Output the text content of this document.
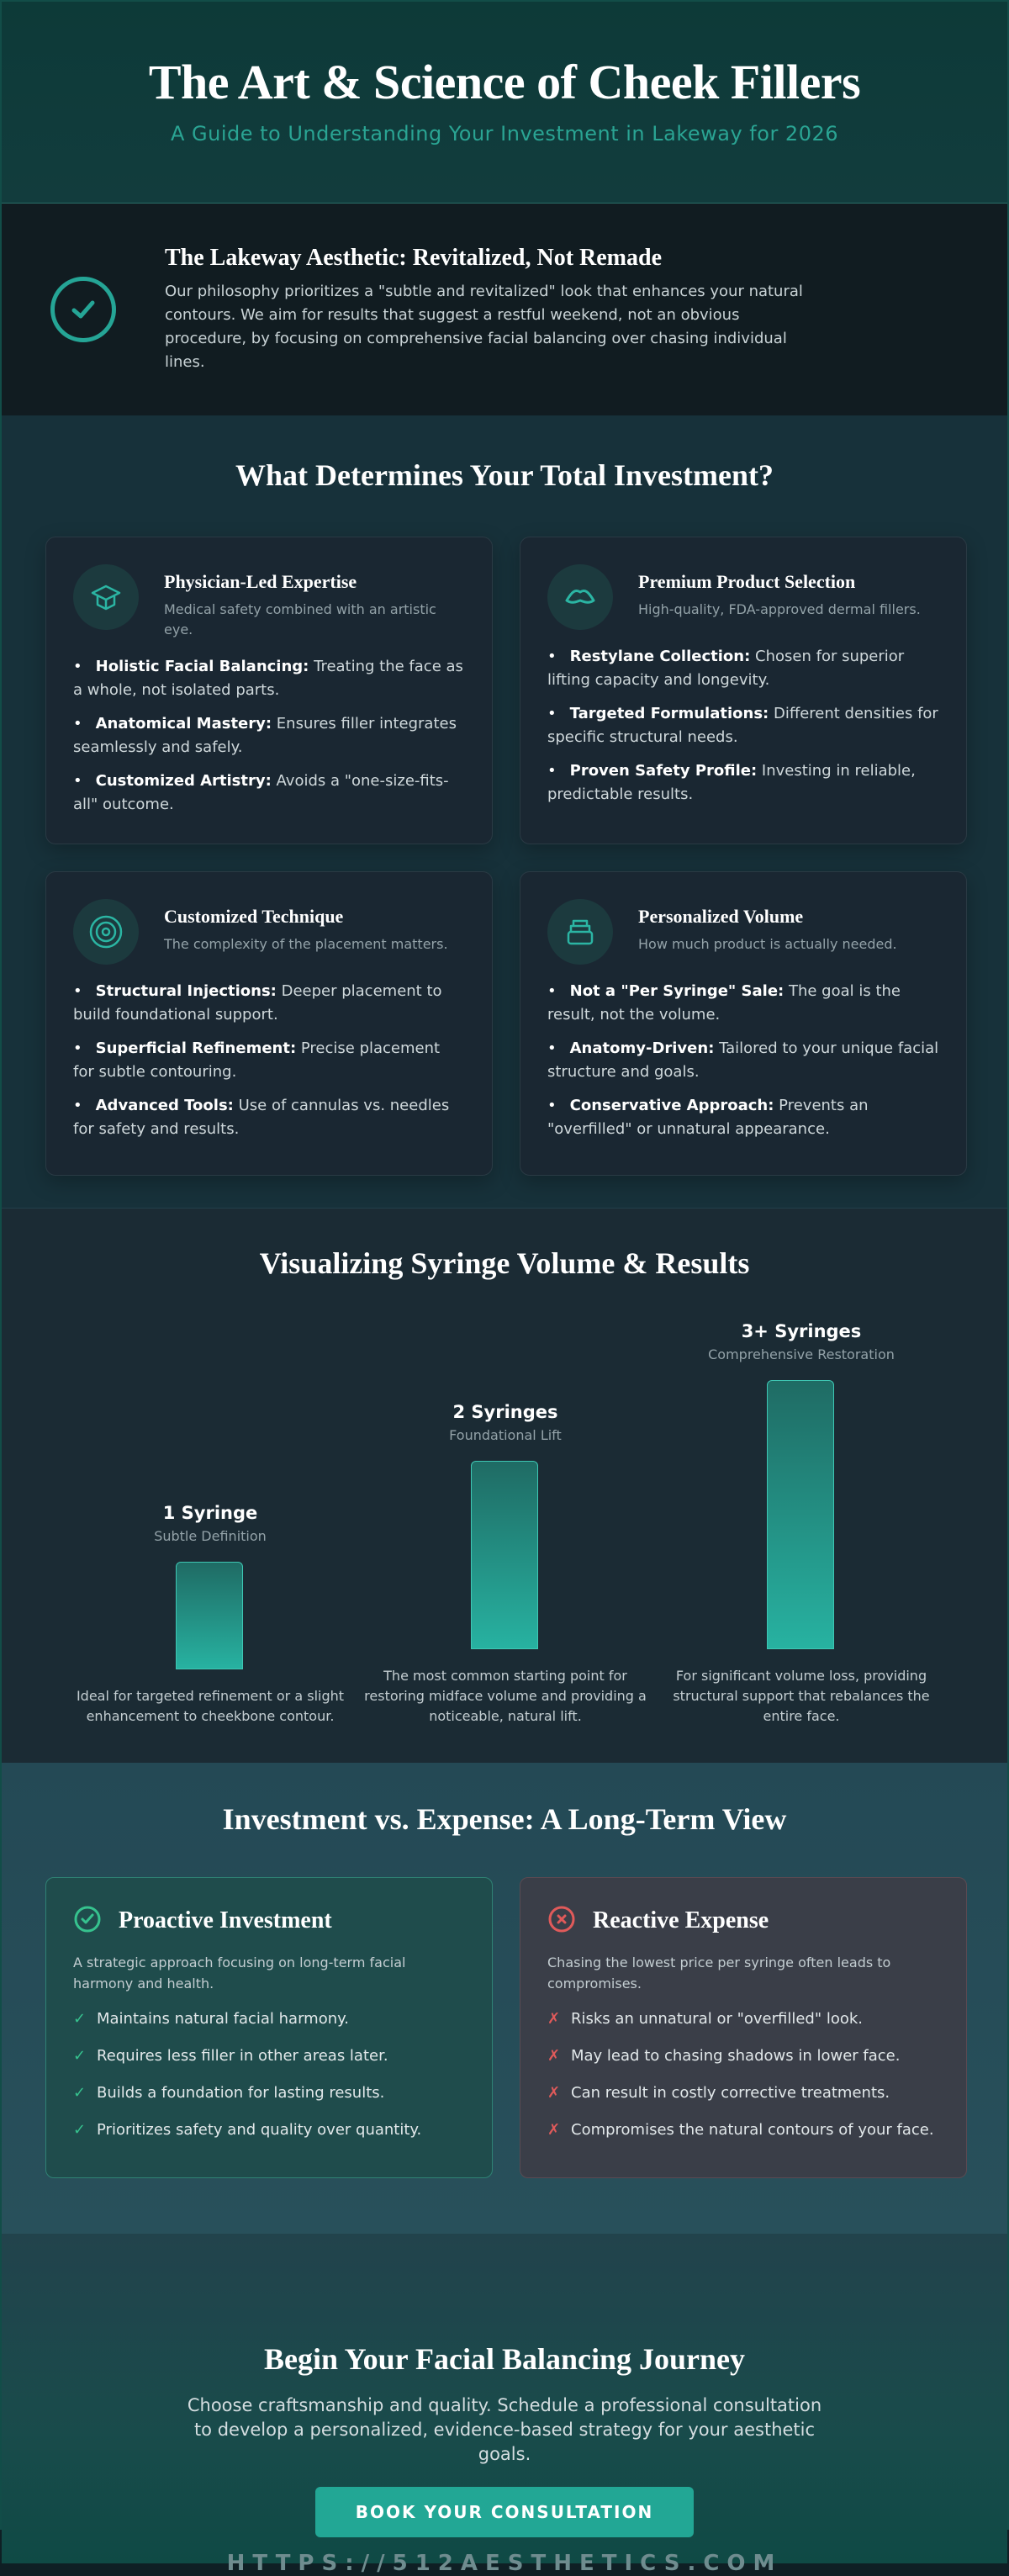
The Art & Science of Cheek Fillers
A Guide to Understanding Your Investment in Lakeway for 2026
The Lakeway Aesthetic: Revitalized, Not Remade

Our philosophy prioritizes a "subtle and revitalized" look that enhances your natural contours. We aim for results that suggest a restful weekend, not an obvious procedure, by focusing on comprehensive facial balancing over chasing individual lines.

What Determines Your Total Investment?
Physician-Led Expertise
Medical safety combined with an artistic eye.
• Holistic Facial Balancing: Treating the face as a whole, not isolated parts.
• Anatomical Mastery: Ensures filler integrates seamlessly and safely.
• Customized Artistry: Avoids a "one-size-fits-all" outcome.
Premium Product Selection
High-quality, FDA-approved dermal fillers.
• Restylane Collection: Chosen for superior lifting capacity and longevity.
• Targeted Formulations: Different densities for specific structural needs.
• Proven Safety Profile: Investing in reliable, predictable results.
Customized Technique
The complexity of the placement matters.
• Structural Injections: Deeper placement to build foundational support.
• Superficial Refinement: Precise placement for subtle contouring.
• Advanced Tools: Use of cannulas vs. needles for safety and results.
Personalized Volume
How much product is actually needed.
• Not a "Per Syringe" Sale: The goal is the result, not the volume.
• Anatomy-Driven: Tailored to your unique facial structure and goals.
• Conservative Approach: Prevents an "overfilled" or unnatural appearance.
Visualizing Syringe Volume & Results
1 Syringe
Subtle Definition
Ideal for targeted refinement or a slight enhancement to cheekbone contour.
2 Syringes
Foundational Lift
The most common starting point for restoring midface volume and providing a noticeable, natural lift.
3+ Syringes
Comprehensive Restoration
For significant volume loss, providing structural support that rebalances the entire face.
Investment vs. Expense: A Long-Term View
Proactive Investment
A strategic approach focusing on long-term facial harmony and health.
✓ Maintains natural facial harmony.
✓ Requires less filler in other areas later.
✓ Builds a foundation for lasting results.
✓ Prioritizes safety and quality over quantity.
Reactive Expense
Chasing the lowest price per syringe often leads to compromises.
✗ Risks an unnatural or "overfilled" look.
✗ May lead to chasing shadows in lower face.
✗ Can result in costly corrective treatments.
✗ Compromises the natural contours of your face.
Begin Your Facial Balancing Journey

Choose craftsmanship and quality. Schedule a professional consultation to develop a personalized, evidence-based strategy for your aesthetic goals.

BOOK YOUR CONSULTATION
HTTPS://512AESTHETICS.COM
